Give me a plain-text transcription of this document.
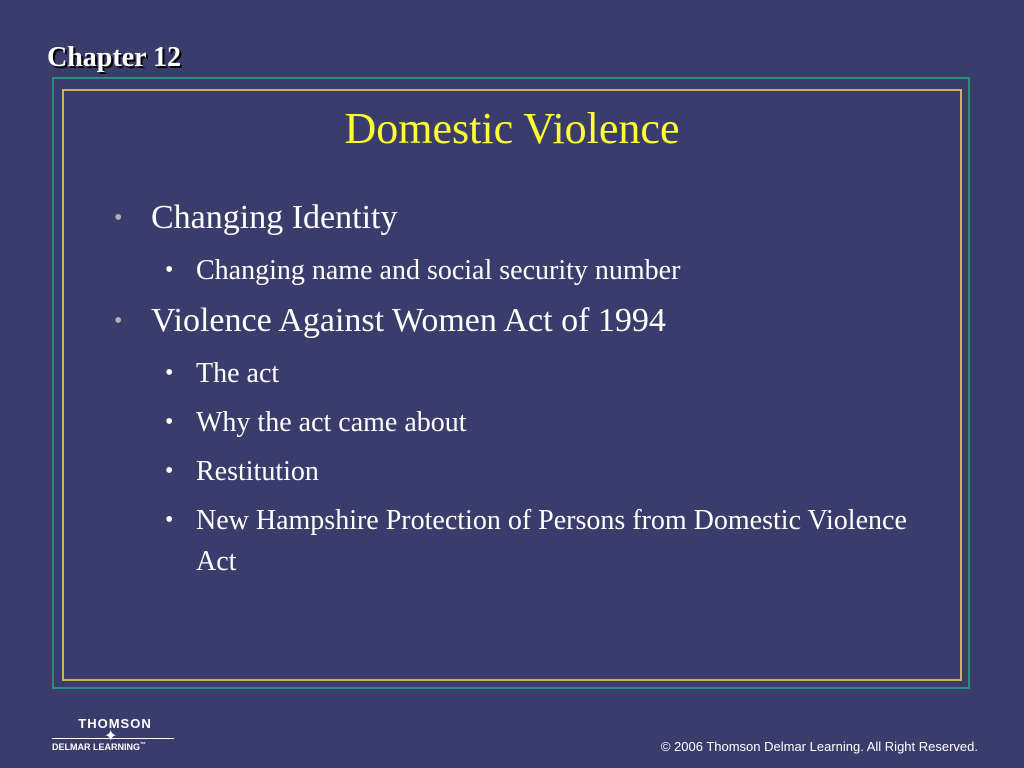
Chapter 12
Domestic Violence
• Changing Identity
• Changing name and social security number
• Violence Against Women Act of 1994
• The act
• Why the act came about
• Restitution
• New Hampshire Protection of Persons from Domestic Violence Act
THOMSON
✦
DELMAR LEARNING™	© 2006 Thomson Delmar Learning. All Right Reserved.
